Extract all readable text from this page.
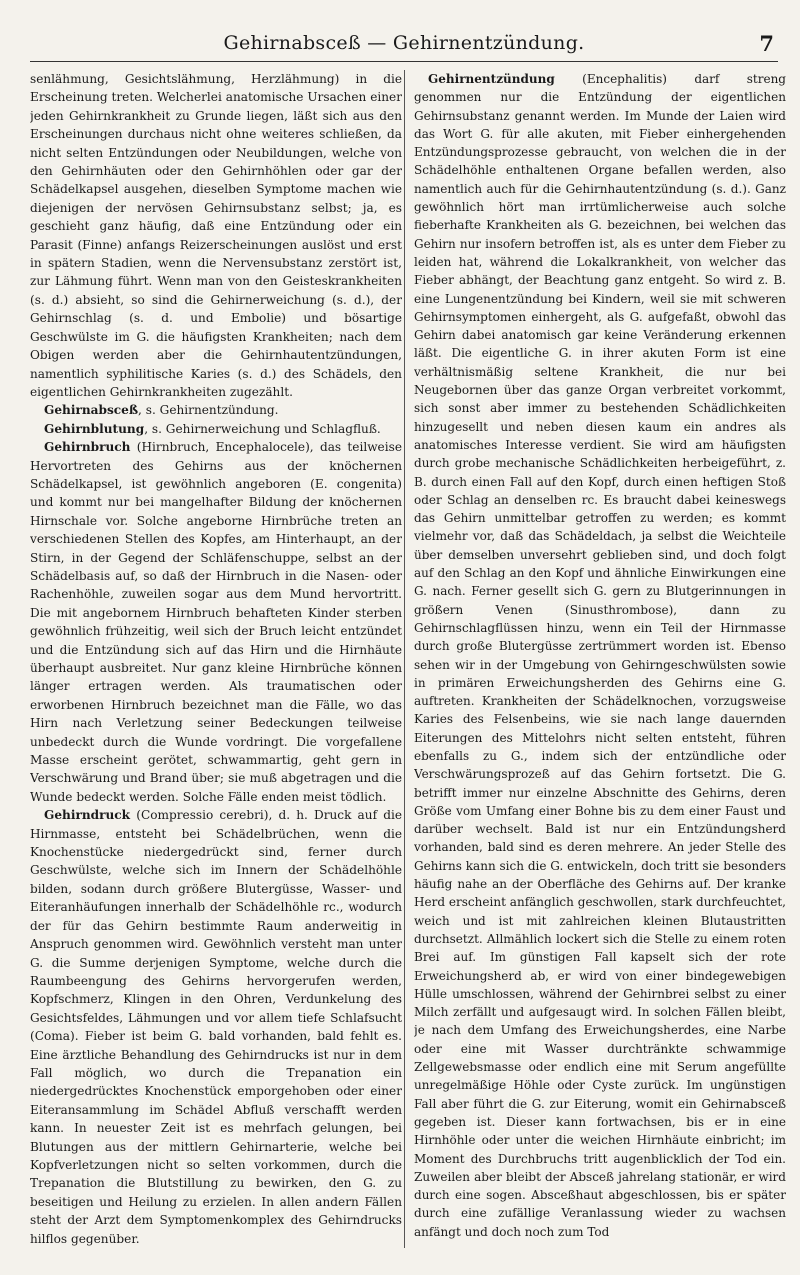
Gehirnabsceß — Gehirnentzündung.	7

senlähmung, Gesichtslähmung, Herzlähmung) in die Erscheinung treten. Welcherlei anatomische Ursachen einer jeden Gehirnkrankheit zu Grunde liegen, läßt sich aus den Erscheinungen durchaus nicht ohne weiteres schließen, da nicht selten Entzündungen oder Neubildungen, welche von den Gehirnhäuten oder den Gehirnhöhlen oder gar der Schädelkapsel ausgehen, dieselben Symptome machen wie diejenigen der nervösen Gehirnsubstanz selbst; ja, es geschieht ganz häufig, daß eine Entzündung oder ein Parasit (Finne) anfangs Reizerscheinungen auslöst und erst in spätern Stadien, wenn die Nervensubstanz zerstört ist, zur Lähmung führt. Wenn man von den Geisteskrankheiten (s. d.) absieht, so sind die Gehirnerweichung (s. d.), der Gehirnschlag (s. d. und Embolie) und bösartige Geschwülste im G. die häufigsten Krankheiten; nach dem Obigen werden aber die Gehirnhautentzündungen, namentlich syphilitische Karies (s. d.) des Schädels, den eigentlichen Gehirnkrankheiten zugezählt.

Gehirnabsceß, s. Gehirnentzündung.

Gehirnblutung, s. Gehirnerweichung und Schlagfluß.

Gehirnbruch (Hirnbruch, Encephalocele), das teilweise Hervortreten des Gehirns aus der knöchernen Schädelkapsel, ist gewöhnlich angeboren (E. congenita) und kommt nur bei mangelhafter Bildung der knöchernen Hirnschale vor. Solche angeborne Hirnbrüche treten an verschiedenen Stellen des Kopfes, am Hinterhaupt, an der Stirn, in der Gegend der Schläfenschuppe, selbst an der Schädelbasis auf, so daß der Hirnbruch in die Nasen- oder Rachenhöhle, zuweilen sogar aus dem Mund hervortritt. Die mit angebornem Hirnbruch behafteten Kinder sterben gewöhnlich frühzeitig, weil sich der Bruch leicht entzündet und die Entzündung sich auf das Hirn und die Hirnhäute überhaupt ausbreitet. Nur ganz kleine Hirnbrüche können länger ertragen werden. Als traumatischen oder erworbenen Hirnbruch bezeichnet man die Fälle, wo das Hirn nach Verletzung seiner Bedeckungen teilweise unbedeckt durch die Wunde vordringt. Die vorgefallene Masse erscheint gerötet, schwammartig, geht gern in Verschwärung und Brand über; sie muß abgetragen und die Wunde bedeckt werden. Solche Fälle enden meist tödlich.

Gehirndruck (Compressio cerebri), d. h. Druck auf die Hirnmasse, entsteht bei Schädelbrüchen, wenn die Knochenstücke niedergedrückt sind, ferner durch Geschwülste, welche sich im Innern der Schädelhöhle bilden, sodann durch größere Blutergüsse, Wasser- und Eiteranhäufungen innerhalb der Schädelhöhle rc., wodurch der für das Gehirn bestimmte Raum anderweitig in Anspruch genommen wird. Gewöhnlich versteht man unter G. die Summe derjenigen Symptome, welche durch die Raumbeengung des Gehirns hervorgerufen werden, Kopfschmerz, Klingen in den Ohren, Verdunkelung des Gesichtsfeldes, Lähmungen und vor allem tiefe Schlafsucht (Coma). Fieber ist beim G. bald vorhanden, bald fehlt es. Eine ärztliche Behandlung des Gehirndrucks ist nur in dem Fall möglich, wo durch die Trepanation ein niedergedrücktes Knochenstück emporgehoben oder einer Eiteransammlung im Schädel Abfluß verschafft werden kann. In neuester Zeit ist es mehrfach gelungen, bei Blutungen aus der mittlern Gehirnarterie, welche bei Kopfverletzungen nicht so selten vorkommen, durch die Trepanation die Blutstillung zu bewirken, den G. zu beseitigen und Heilung zu erzielen. In allen andern Fällen steht der Arzt dem Symptomenkomplex des Gehirndrucks hilflos gegenüber.

Gehirnentzündung (Encephalitis) darf streng genommen nur die Entzündung der eigentlichen Gehirnsubstanz genannt werden. Im Munde der Laien wird das Wort G. für alle akuten, mit Fieber einhergehenden Entzündungsprozesse gebraucht, von welchen die in der Schädelhöhle enthaltenen Organe befallen werden, also namentlich auch für die Gehirnhautentzündung (s. d.). Ganz gewöhnlich hört man irrtümlicherweise auch solche fieberhafte Krankheiten als G. bezeichnen, bei welchen das Gehirn nur insofern betroffen ist, als es unter dem Fieber zu leiden hat, während die Lokalkrankheit, von welcher das Fieber abhängt, der Beachtung ganz entgeht. So wird z. B. eine Lungenentzündung bei Kindern, weil sie mit schweren Gehirnsymptomen einhergeht, als G. aufgefaßt, obwohl das Gehirn dabei anatomisch gar keine Veränderung erkennen läßt. Die eigentliche G. in ihrer akuten Form ist eine verhältnismäßig seltene Krankheit, die nur bei Neugebornen über das ganze Organ verbreitet vorkommt, sich sonst aber immer zu bestehenden Schädlichkeiten hinzugesellt und neben diesen kaum ein andres als anatomisches Interesse verdient. Sie wird am häufigsten durch grobe mechanische Schädlichkeiten herbeigeführt, z. B. durch einen Fall auf den Kopf, durch einen heftigen Stoß oder Schlag an denselben rc. Es braucht dabei keineswegs das Gehirn unmittelbar getroffen zu werden; es kommt vielmehr vor, daß das Schädeldach, ja selbst die Weichteile über demselben unversehrt geblieben sind, und doch folgt auf den Schlag an den Kopf und ähnliche Einwirkungen eine G. nach. Ferner gesellt sich G. gern zu Blutgerinnungen in größern Venen (Sinusthrombose), dann zu Gehirnschlagflüssen hinzu, wenn ein Teil der Hirnmasse durch große Blutergüsse zertrümmert worden ist. Ebenso sehen wir in der Umgebung von Gehirngeschwülsten sowie in primären Erweichungsherden des Gehirns eine G. auftreten. Krankheiten der Schädelknochen, vorzugsweise Karies des Felsenbeins, wie sie nach lange dauernden Eiterungen des Mittelohrs nicht selten entsteht, führen ebenfalls zu G., indem sich der entzündliche oder Verschwärungsprozeß auf das Gehirn fortsetzt. Die G. betrifft immer nur einzelne Abschnitte des Gehirns, deren Größe vom Umfang einer Bohne bis zu dem einer Faust und darüber wechselt. Bald ist nur ein Entzündungsherd vorhanden, bald sind es deren mehrere. An jeder Stelle des Gehirns kann sich die G. entwickeln, doch tritt sie besonders häufig nahe an der Oberfläche des Gehirns auf. Der kranke Herd erscheint anfänglich geschwollen, stark durchfeuchtet, weich und ist mit zahlreichen kleinen Blutaustritten durchsetzt. Allmählich lockert sich die Stelle zu einem roten Brei auf. Im günstigen Fall kapselt sich der rote Erweichungsherd ab, er wird von einer bindegewebigen Hülle umschlossen, während der Gehirnbrei selbst zu einer Milch zerfällt und aufgesaugt wird. In solchen Fällen bleibt, je nach dem Umfang des Erweichungsherdes, eine Narbe oder eine mit Wasser durchtränkte schwammige Zellgewebsmasse oder endlich eine mit Serum angefüllte unregelmäßige Höhle oder Cyste zurück. Im ungünstigen Fall aber führt die G. zur Eiterung, womit ein Gehirnabsceß gegeben ist. Dieser kann fortwachsen, bis er in eine Hirnhöhle oder unter die weichen Hirnhäute einbricht; im Moment des Durchbruchs tritt augenblicklich der Tod ein. Zuweilen aber bleibt der Absceß jahrelang stationär, er wird durch eine sogen. Absceßhaut abgeschlossen, bis er später durch eine zufällige Veranlassung wieder zu wachsen anfängt und doch noch zum Tod
